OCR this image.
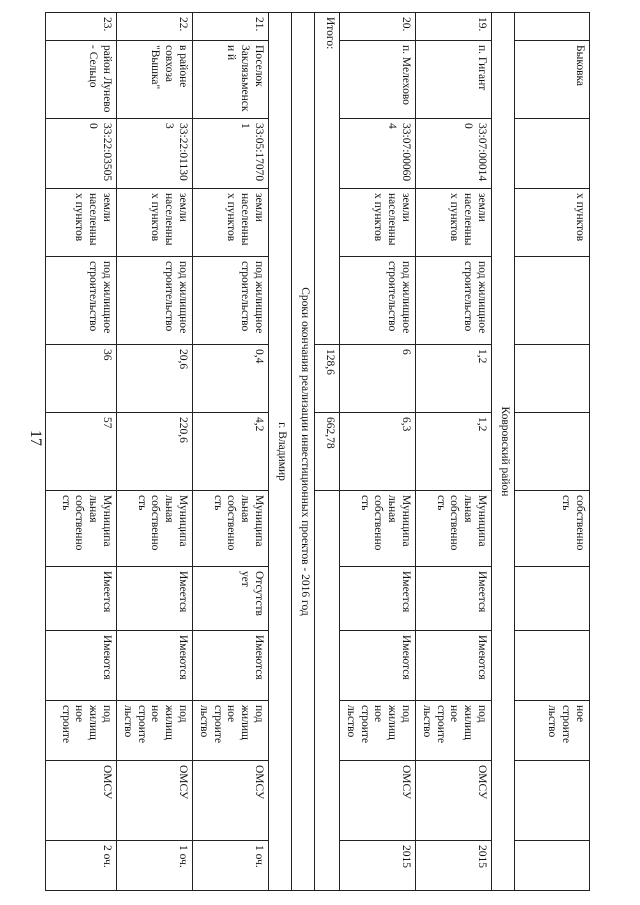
17
	Быковка		х пунктов				собственно сть			ное строите льство		
Ковровский район												
19.	п. Гигант	33:07:000140	земли населенны х пунктов	под жилищное строительство	1,2	1,2	Муниципа льная собственно сть	Имеется	Имеются	под жилищ ное строите льство	ОМСУ	2015
20.	п. Мелехово	33:07:000604	земли населенны х пунктов	под жилищное строительство	6	6,3	Муниципа льная собственно сть	Имеется	Имеются	под жилищ ное строите льство	ОМСУ	2015
Итого:					128,6	662,78						
Сроки окончания реализации инвестиционных проектов - 2016 год												
г. Владимир												
21.	Поселок Заклязьменски й	33:05:170701	земли населенны х пунктов	под жилищное строительство	0,4	4,2	Муниципа льная собственно сть	Отсутств ует	Имеются	под жилищ ное строите льство	ОМСУ	1 оч.
22.	в районе совхоза "Вышка"	33:22:011303	земли населенны х пунктов	под жилищное строительство	20,6	220,6	Муниципа льная собственно сть	Имеется	Имеются	под жилищ ное строите льство	ОМСУ	1 оч.
23.	район Лунево - Сельцо	33:22:035050	земли населенны х пунктов	под жилищное строительство	36	57	Муниципа льная собственно сть	Имеется	Имеются	под жилищ ное строите	ОМСУ	2 оч.
